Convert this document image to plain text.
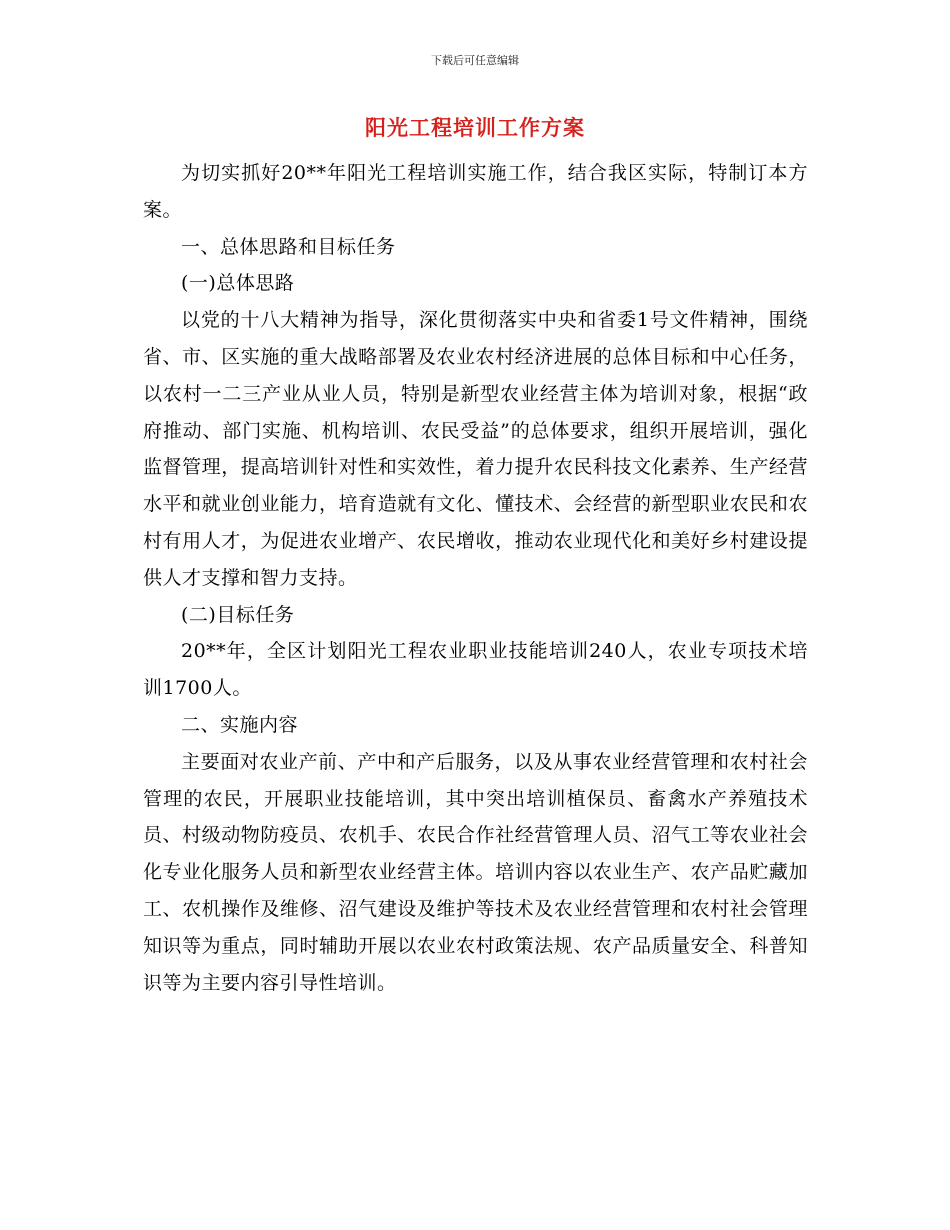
下载后可任意编辑
阳光工程培训工作方案

为切实抓好20**年阳光工程培训实施工作，结合我区实际，特制订本方案。

一、总体思路和目标任务

(一)总体思路

以党的十八大精神为指导，深化贯彻落实中央和省委1号文件精神，围绕省、市、区实施的重大战略部署及农业农村经济进展的总体目标和中心任务，以农村一二三产业从业人员，特别是新型农业经营主体为培训对象，根据“政府推动、部门实施、机构培训、农民受益”的总体要求，组织开展培训，强化监督管理，提高培训针对性和实效性，着力提升农民科技文化素养、生产经营水平和就业创业能力，培育造就有文化、懂技术、会经营的新型职业农民和农村有用人才，为促进农业增产、农民增收，推动农业现代化和美好乡村建设提供人才支撑和智力支持。

(二)目标任务

20**年，全区计划阳光工程农业职业技能培训240人，农业专项技术培训1700人。

二、实施内容

主要面对农业产前、产中和产后服务，以及从事农业经营管理和农村社会管理的农民，开展职业技能培训，其中突出培训植保员、畜禽水产养殖技术员、村级动物防疫员、农机手、农民合作社经营管理人员、沼气工等农业社会化专业化服务人员和新型农业经营主体。培训内容以农业生产、农产品贮藏加工、农机操作及维修、沼气建设及维护等技术及农业经营管理和农村社会管理知识等为重点，同时辅助开展以农业农村政策法规、农产品质量安全、科普知识等为主要内容引导性培训。
